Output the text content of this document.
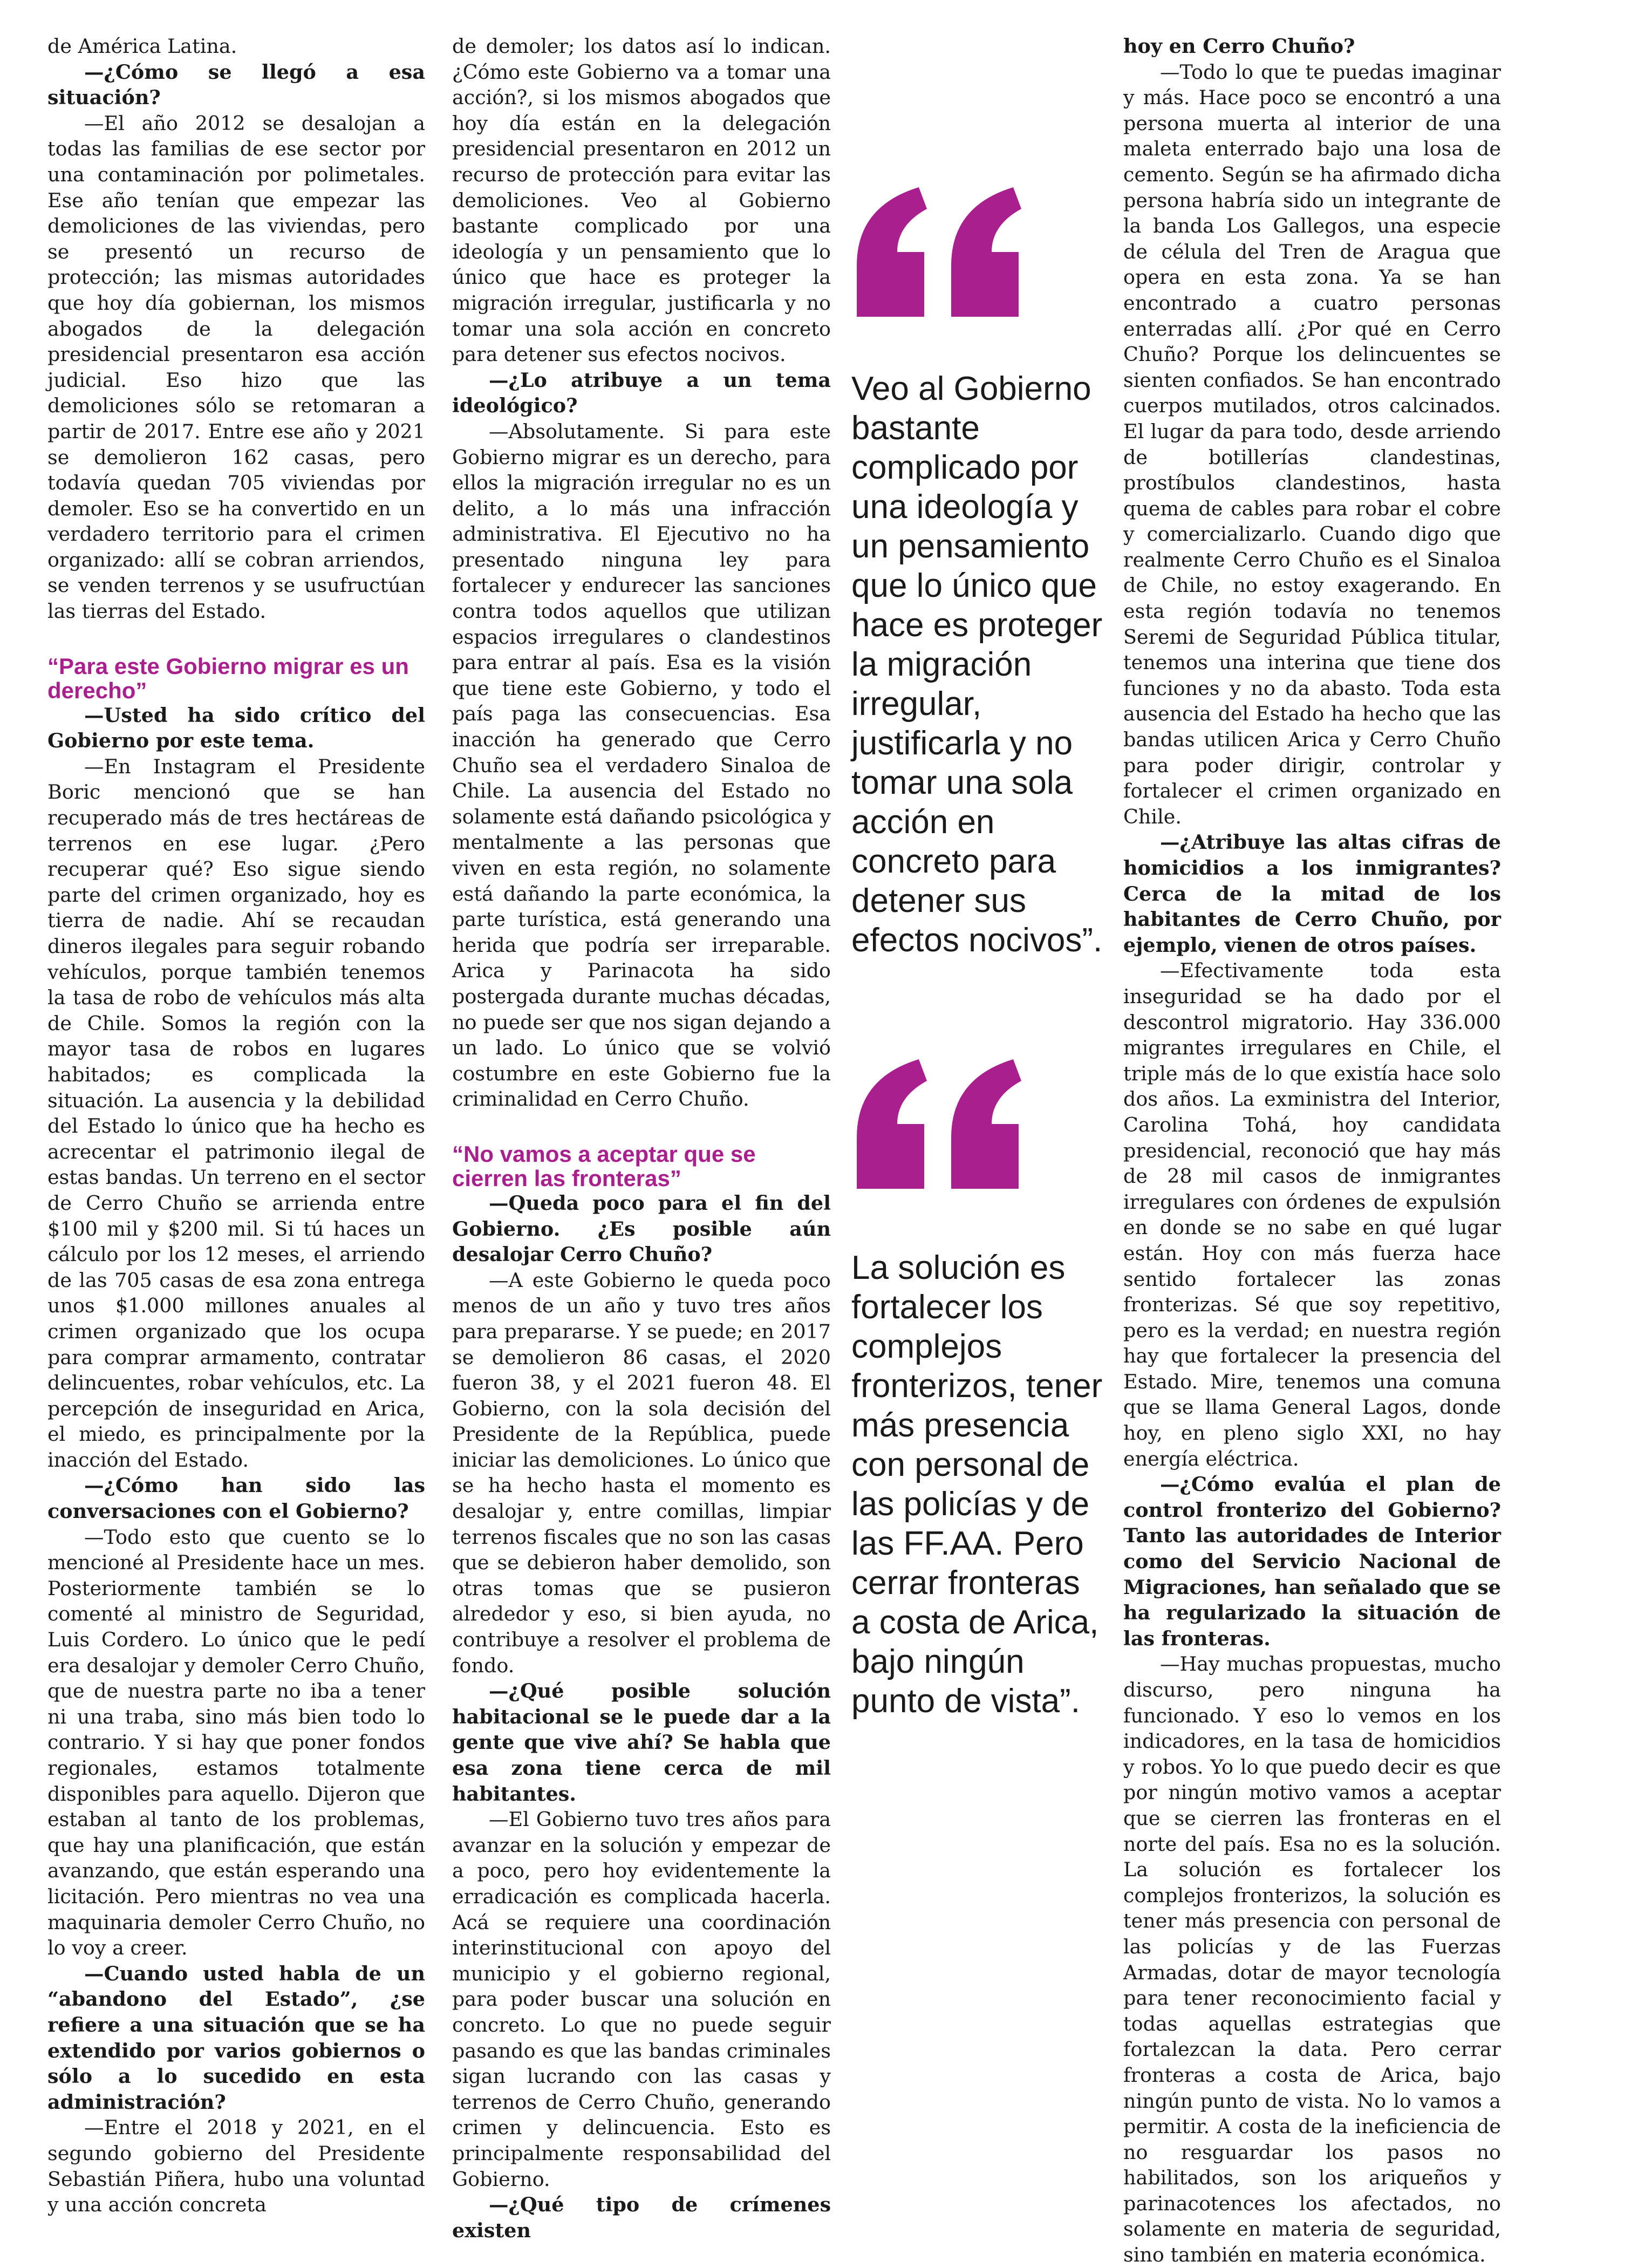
de América Latina.

—¿Cómo se llegó a esa situación?

—El año 2012 se desalojan a todas las familias de ese sector por una contaminación por polimetales. Ese año tenían que empezar las demoliciones de las viviendas, pero se presentó un recurso de protección; las mismas autoridades que hoy día gobiernan, los mismos abogados de la delegación presidencial presentaron esa acción judicial. Eso hizo que las demoliciones sólo se retomaran a partir de 2017. Entre ese año y 2021 se demolieron 162 casas, pero todavía quedan 705 viviendas por demoler. Eso se ha convertido en un verdadero territorio para el crimen organizado: allí se cobran arriendos, se venden terrenos y se usufructúan las tierras del Estado.

“Para este Gobierno migrar es un derecho”

—Usted ha sido crítico del Gobierno por este tema.

—En Instagram el Presidente Boric mencionó que se han recuperado más de tres hectáreas de terrenos en ese lugar. ¿Pero recuperar qué? Eso sigue siendo parte del crimen organizado, hoy es tierra de nadie. Ahí se recaudan dineros ilegales para seguir robando vehículos, porque también tenemos la tasa de robo de vehículos más alta de Chile. Somos la región con la mayor tasa de robos en lugares habitados; es complicada la situación. La ausencia y la debilidad del Estado lo único que ha hecho es acrecentar el patrimonio ilegal de estas bandas. Un terreno en el sector de Cerro Chuño se arrienda entre $100 mil y $200 mil. Si tú haces un cálculo por los 12 meses, el arriendo de las 705 casas de esa zona entrega unos $1.000 millones anuales al crimen organizado que los ocupa para comprar armamento, contratar delincuentes, robar vehículos, etc. La percepción de inseguridad en Arica, el miedo, es principalmente por la inacción del Estado.

—¿Cómo han sido las conversaciones con el Gobierno?

—Todo esto que cuento se lo mencioné al Presidente hace un mes. Posteriormente también se lo comenté al ministro de Seguridad, Luis Cordero. Lo único que le pedí era desalojar y demoler Cerro Chuño, que de nuestra parte no iba a tener ni una traba, sino más bien todo lo contrario. Y si hay que poner fondos regionales, estamos totalmente disponibles para aquello. Dijeron que estaban al tanto de los problemas, que hay una planificación, que están avanzando, que están esperando una licitación. Pero mientras no vea una maquinaria demoler Cerro Chuño, no lo voy a creer.

—Cuando usted habla de un “abandono del Estado”, ¿se refiere a una situación que se ha extendido por varios gobiernos o sólo a lo sucedido en esta administración?

—Entre el 2018 y 2021, en el segundo gobierno del Presidente Sebastián Piñera, hubo una voluntad y una acción concreta

de demoler; los datos así lo indican. ¿Cómo este Gobierno va a tomar una acción?, si los mismos abogados que hoy día están en la delegación presidencial presentaron en 2012 un recurso de protección para evitar las demoliciones. Veo al Gobierno bastante complicado por una ideología y un pensamiento que lo único que hace es proteger la migración irregular, justificarla y no tomar una sola acción en concreto para detener sus efectos nocivos.

—¿Lo atribuye a un tema ideológico?

—Absolutamente. Si para este Gobierno migrar es un derecho, para ellos la migración irregular no es un delito, a lo más una infracción administrativa. El Ejecutivo no ha presentado ninguna ley para fortalecer y endurecer las sanciones contra todos aquellos que utilizan espacios irregulares o clandestinos para entrar al país. Esa es la visión que tiene este Gobierno, y todo el país paga las consecuencias. Esa inacción ha generado que Cerro Chuño sea el verdadero Sinaloa de Chile. La ausencia del Estado no solamente está dañando psicológica y mentalmente a las personas que viven en esta región, no solamente está dañando la parte económica, la parte turística, está generando una herida que podría ser irreparable. Arica y Parinacota ha sido postergada durante muchas décadas, no puede ser que nos sigan dejando a un lado. Lo único que se volvió costumbre en este Gobierno fue la criminalidad en Cerro Chuño.

“No vamos a aceptar que se cierren las fronteras”

—Queda poco para el fin del Gobierno. ¿Es posible aún desalojar Cerro Chuño?

—A este Gobierno le queda poco menos de un año y tuvo tres años para prepararse. Y se puede; en 2017 se demolieron 86 casas, el 2020 fueron 38, y el 2021 fueron 48. El Gobierno, con la sola decisión del Presidente de la República, puede iniciar las demoliciones. Lo único que se ha hecho hasta el momento es desalojar y, entre comillas, limpiar terrenos fiscales que no son las casas que se debieron haber demolido, son otras tomas que se pusieron alrededor y eso, si bien ayuda, no contribuye a resolver el problema de fondo.

—¿Qué posible solución habitacional se le puede dar a la gente que vive ahí? Se habla que esa zona tiene cerca de mil habitantes.

—El Gobierno tuvo tres años para avanzar en la solución y empezar de a poco, pero hoy evidentemente la erradicación es complicada hacerla. Acá se requiere una coordinación interinstitucional con apoyo del municipio y el gobierno regional, para poder buscar una solución en concreto. Lo que no puede seguir pasando es que las bandas criminales sigan lucrando con las casas y terrenos de Cerro Chuño, generando crimen y delincuencia. Esto es principalmente responsabilidad del Gobierno.

—¿Qué tipo de crímenes existen

Veo al Gobierno bastante complicado por una ideología y un pensamiento que lo único que hace es proteger la migración irregular, justificarla y no tomar una sola acción en concreto para detener sus efectos nocivos”.

La solución es fortalecer los complejos fronterizos, tener más presencia con personal de las policías y de las FF.AA. Pero cerrar fronteras a costa de Arica, bajo ningún punto de vista”.

hoy en Cerro Chuño?

—Todo lo que te puedas imaginar y más. Hace poco se encontró a una persona muerta al interior de una maleta enterrado bajo una losa de cemento. Según se ha afirmado dicha persona habría sido un integrante de la banda Los Gallegos, una especie de célula del Tren de Aragua que opera en esta zona. Ya se han encontrado a cuatro personas enterradas allí. ¿Por qué en Cerro Chuño? Porque los delincuentes se sienten confiados. Se han encontrado cuerpos mutilados, otros calcinados. El lugar da para todo, desde arriendo de botillerías clandestinas, prostíbulos clandestinos, hasta quema de cables para robar el cobre y comercializarlo. Cuando digo que realmente Cerro Chuño es el Sinaloa de Chile, no estoy exagerando. En esta región todavía no tenemos Seremi de Seguridad Pública titular, tenemos una interina que tiene dos funciones y no da abasto. Toda esta ausencia del Estado ha hecho que las bandas utilicen Arica y Cerro Chuño para poder dirigir, controlar y fortalecer el crimen organizado en Chile.

—¿Atribuye las altas cifras de homicidios a los inmigrantes? Cerca de la mitad de los habitantes de Cerro Chuño, por ejemplo, vienen de otros países.

—Efectivamente toda esta inseguridad se ha dado por el descontrol migratorio. Hay 336.000 migrantes irregulares en Chile, el triple más de lo que existía hace solo dos años. La exministra del Interior, Carolina Tohá, hoy candidata presidencial, reconoció que hay más de 28 mil casos de inmigrantes irregulares con órdenes de expulsión en donde se no sabe en qué lugar están. Hoy con más fuerza hace sentido fortalecer las zonas fronterizas. Sé que soy repetitivo, pero es la verdad; en nuestra región hay que fortalecer la presencia del Estado. Mire, tenemos una comuna que se llama General Lagos, donde hoy, en pleno siglo XXI, no hay energía eléctrica.

—¿Cómo evalúa el plan de control fronterizo del Gobierno? Tanto las autoridades de Interior como del Servicio Nacional de Migraciones, han señalado que se ha regularizado la situación de las fronteras.

—Hay muchas propuestas, mucho discurso, pero ninguna ha funcionado. Y eso lo vemos en los indicadores, en la tasa de homicidios y robos. Yo lo que puedo decir es que por ningún motivo vamos a aceptar que se cierren las fronteras en el norte del país. Esa no es la solución. La solución es fortalecer los complejos fronterizos, la solución es tener más presencia con personal de las policías y de las Fuerzas Armadas, dotar de mayor tecnología para tener reconocimiento facial y todas aquellas estrategias que fortalezcan la data. Pero cerrar fronteras a costa de Arica, bajo ningún punto de vista. No lo vamos a permitir. A costa de la ineficiencia de no resguardar los pasos no habilitados, son los ariqueños y parinacotences los afectados, no solamente en materia de seguridad, sino también en materia económica.
